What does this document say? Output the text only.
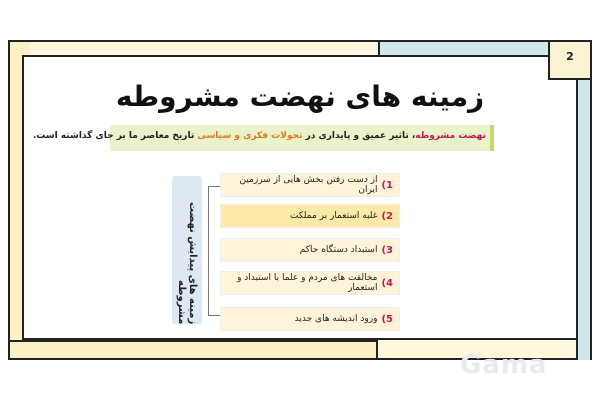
2
زمینه های نهضت مشروطه
نهضت مشروطه، تاثیر عمیق و پایداری در تحولات فکری و سیاسی تاریخ معاصر ما بر جای گذاشته است.
زمینه های پیدایش نهضت مشروطه
1)
از دست رفتن بخش هایی از سرزمین ایران
2)
غلبه استعمار بر مملکت
3)
استبداد دستگاه حاکم
4)
مخالفت های مردم و علما با استبداد و استعمار
5)
ورود اندیشه های جدید
Gama
